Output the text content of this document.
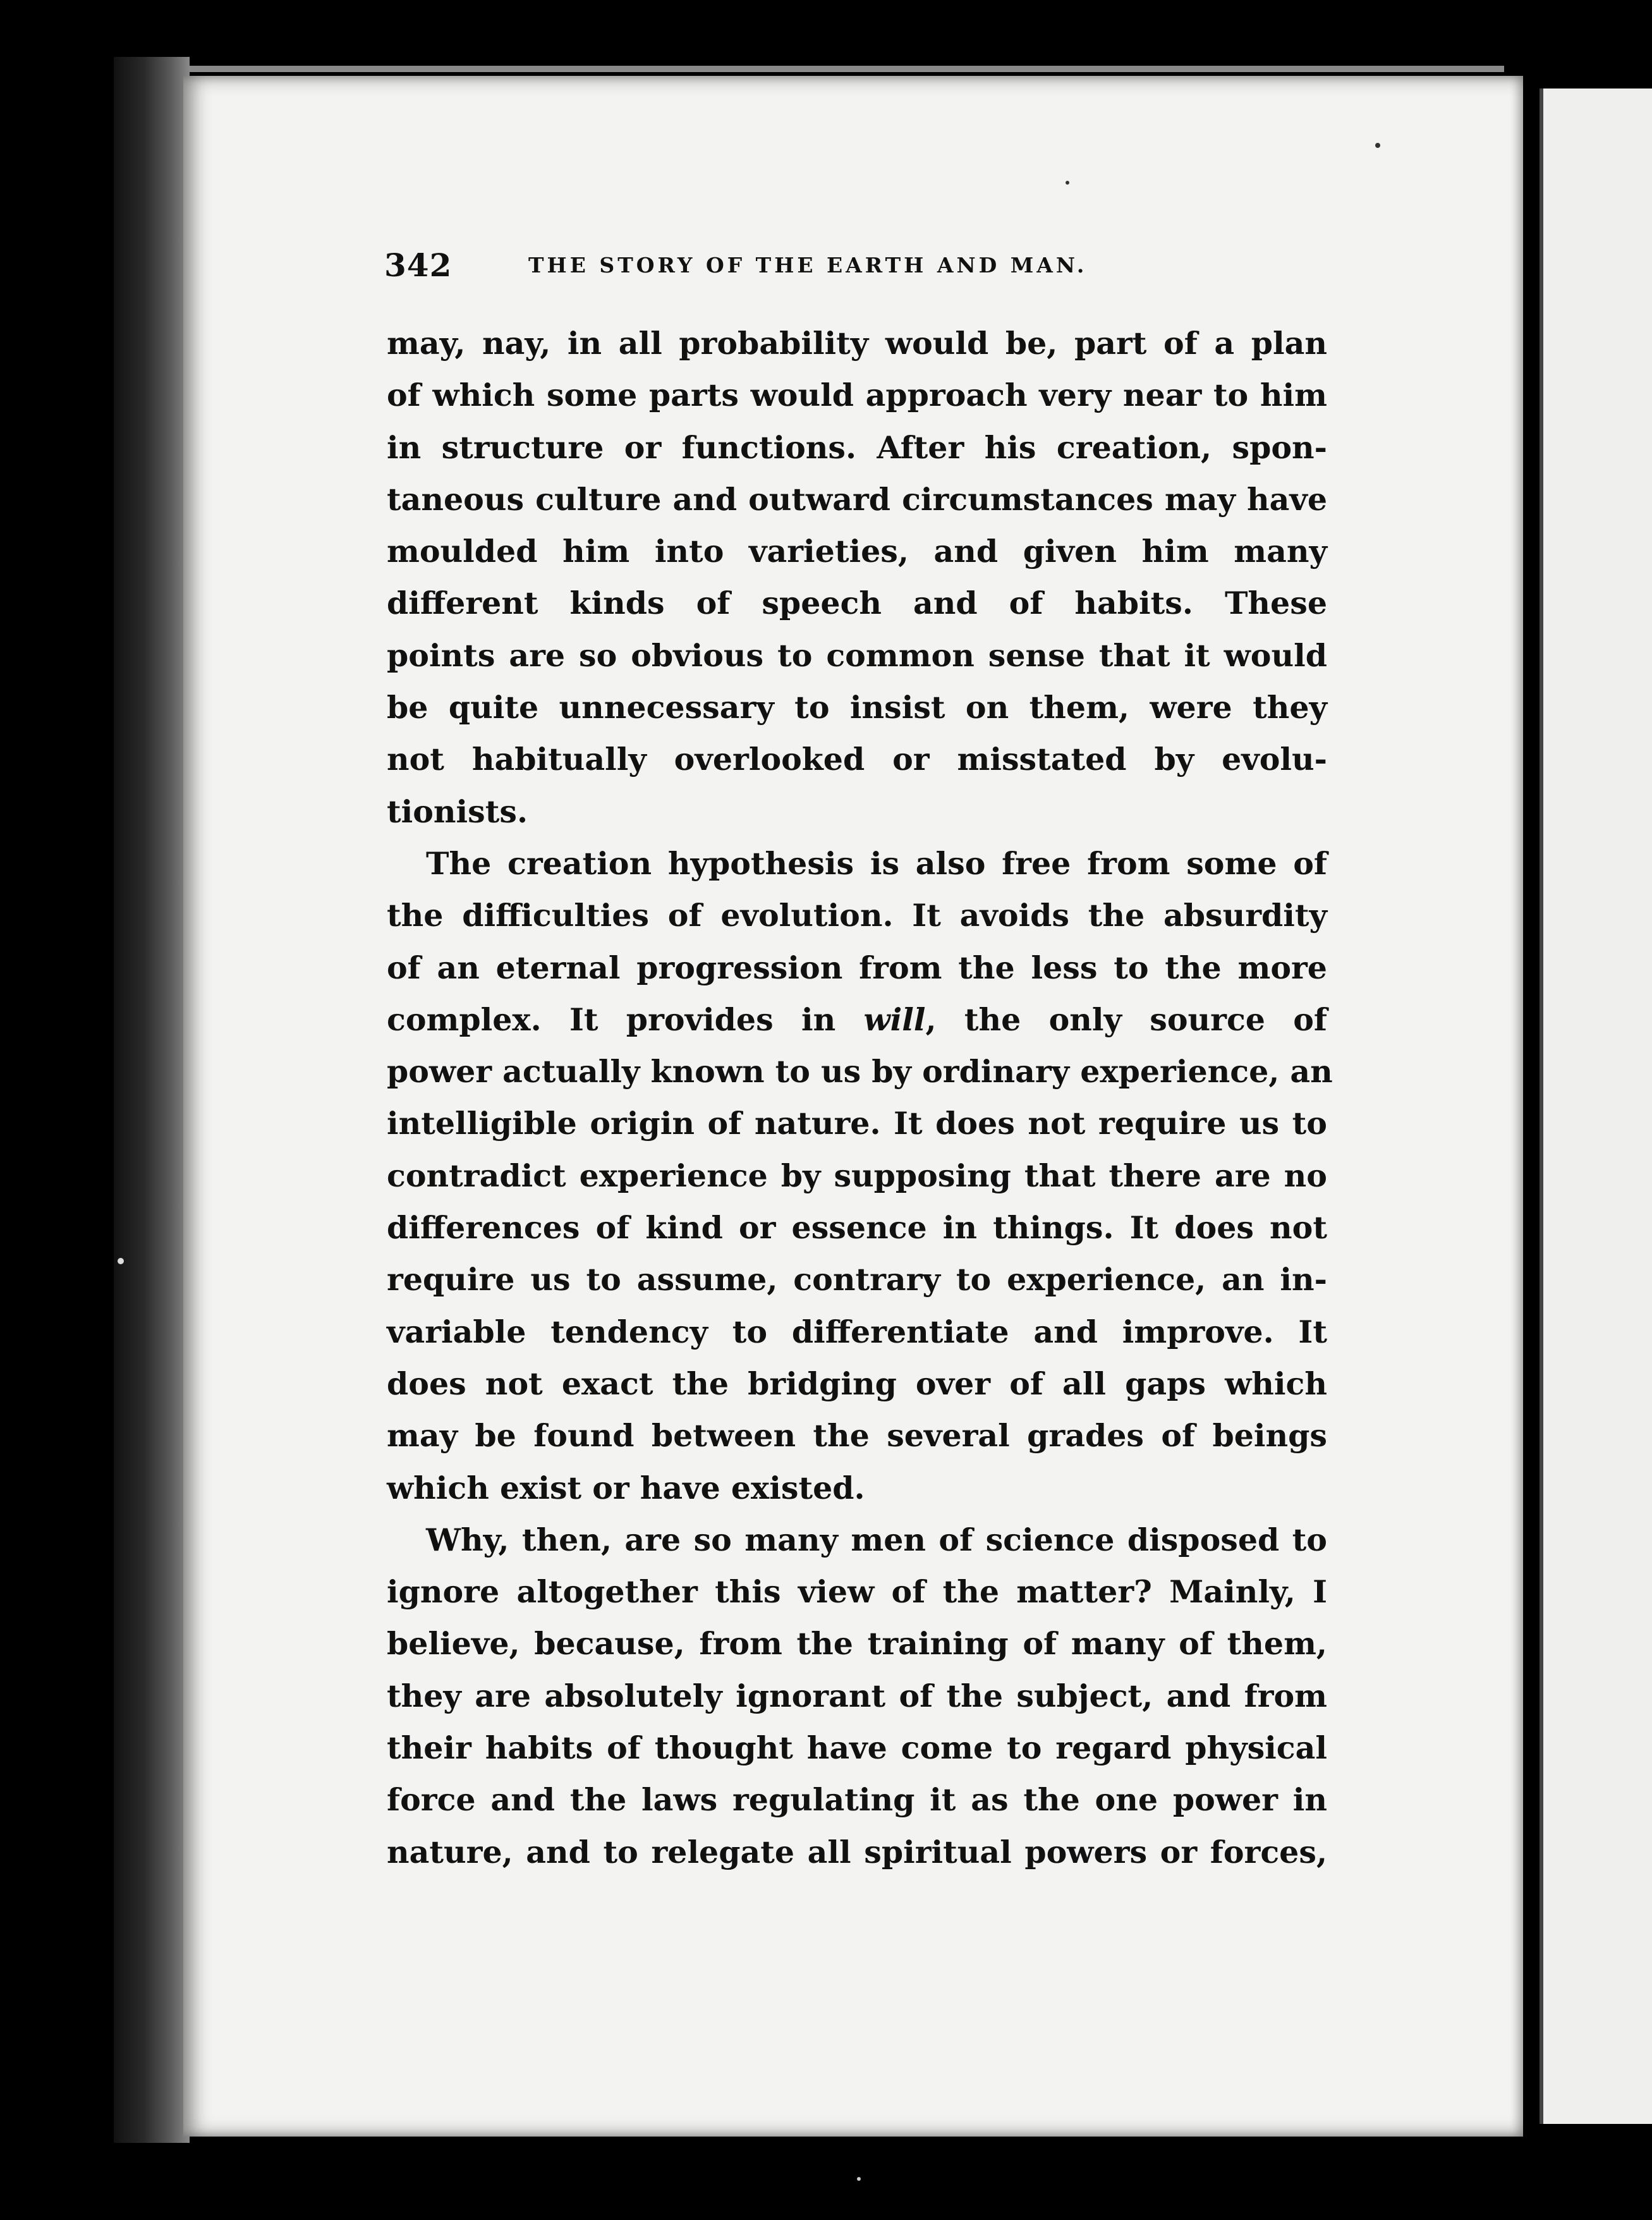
342	THE STORY OF THE EARTH AND MAN.
may, nay, in all probability would be, part of a plan
of which some parts would approach very near to him
in structure or functions. After his creation, spon-
taneous culture and outward circumstances may have
moulded him into varieties, and given him many
different kinds of speech and of habits. These
points are so obvious to common sense that it would
be quite unnecessary to insist on them, were they
not habitually overlooked or misstated by evolu-
tionists.
The creation hypothesis is also free from some of
the difficulties of evolution. It avoids the absurdity
of an eternal progression from the less to the more
complex. It provides in will, the only source of
power actually known to us by ordinary experience, an
intelligible origin of nature. It does not require us to
contradict experience by supposing that there are no
differences of kind or essence in things. It does not
require us to assume, contrary to experience, an in-
variable tendency to differentiate and improve. It
does not exact the bridging over of all gaps which
may be found between the several grades of beings
which exist or have existed.
Why, then, are so many men of science disposed to
ignore altogether this view of the matter? Mainly, I
believe, because, from the training of many of them,
they are absolutely ignorant of the subject, and from
their habits of thought have come to regard physical
force and the laws regulating it as the one power in
nature, and to relegate all spiritual powers or forces,
